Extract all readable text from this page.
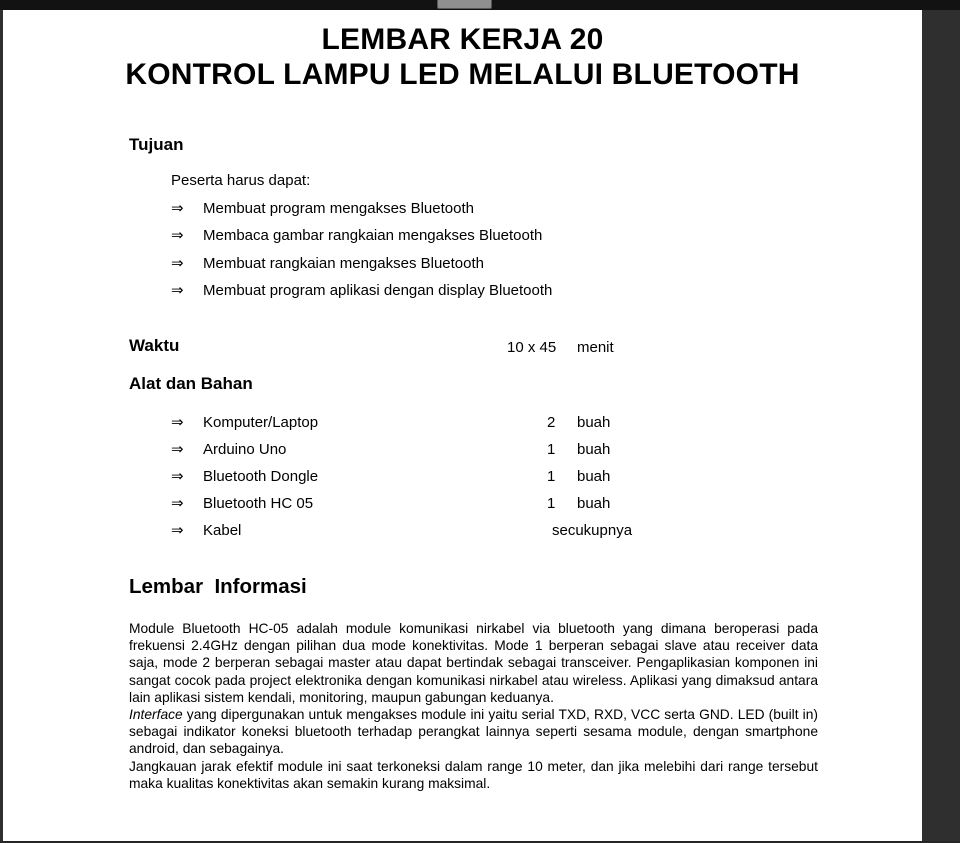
LEMBAR KERJA 20
KONTROL LAMPU LED MELALUI BLUETOOTH
Tujuan
Peserta harus dapat:
⇒ Membuat program mengakses Bluetooth
⇒ Membaca gambar rangkaian mengakses Bluetooth
⇒ Membuat rangkaian mengakses Bluetooth
⇒ Membuat program aplikasi dengan display Bluetooth
Waktu	10 x 45 menit
Alat dan Bahan
⇒ Komputer/Laptop	2 buah
⇒ Arduino Uno	1 buah
⇒ Bluetooth Dongle	1 buah
⇒ Bluetooth HC 05	1 buah
⇒ Kabel	secukupnya
Lembar  Informasi

Module Bluetooth HC-05 adalah module komunikasi nirkabel via bluetooth yang dimana beroperasi pada frekuensi 2.4GHz dengan pilihan dua mode konektivitas. Mode 1 berperan sebagai slave atau receiver data saja, mode 2 berperan sebagai master atau dapat bertindak sebagai transceiver. Pengaplikasian komponen ini sangat cocok pada project elektronika dengan komunikasi nirkabel atau wireless. Aplikasi yang dimaksud antara lain aplikasi sistem kendali, monitoring, maupun gabungan keduanya.

Interface yang dipergunakan untuk mengakses module ini yaitu serial TXD, RXD, VCC serta GND. LED (built in) sebagai indikator koneksi bluetooth terhadap perangkat lainnya seperti sesama module, dengan smartphone android, dan sebagainya.

Jangkauan jarak efektif module ini saat terkoneksi dalam range 10 meter, dan jika melebihi dari range tersebut maka kualitas konektivitas akan semakin kurang maksimal.
